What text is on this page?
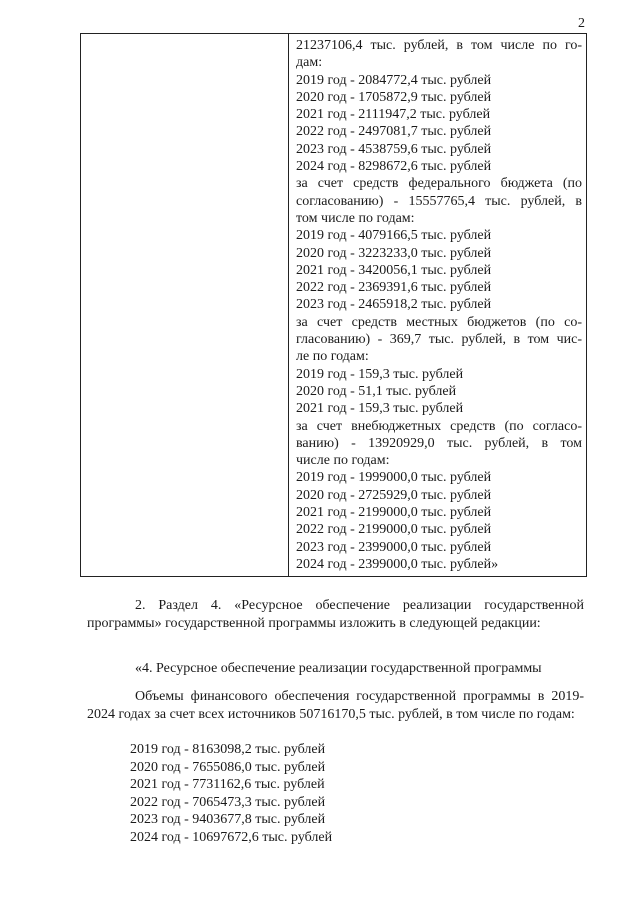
2
21237106,4 тыс. рублей, в том числе по го-
дам:
2019 год - 2084772,4 тыс. рублей
2020 год - 1705872,9 тыс. рублей
2021 год - 2111947,2 тыс. рублей
2022 год - 2497081,7 тыс. рублей
2023 год - 4538759,6 тыс. рублей
2024 год - 8298672,6 тыс. рублей
за счет средств федерального бюджета (по
согласованию) - 15557765,4 тыс. рублей, в
том числе по годам:
2019 год - 4079166,5 тыс. рублей
2020 год - 3223233,0 тыс. рублей
2021 год - 3420056,1 тыс. рублей
2022 год - 2369391,6 тыс. рублей
2023 год - 2465918,2 тыс. рублей
за счет средств местных бюджетов (по со-
гласованию) - 369,7 тыс. рублей, в том чис-
ле по годам:
2019 год - 159,3 тыс. рублей
2020 год - 51,1 тыс. рублей
2021 год - 159,3 тыс. рублей
за счет внебюджетных средств (по согласо-
ванию) - 13920929,0 тыс. рублей, в том
числе по годам:
2019 год - 1999000,0 тыс. рублей
2020 год - 2725929,0 тыс. рублей
2021 год - 2199000,0 тыс. рублей
2022 год - 2199000,0 тыс. рублей
2023 год - 2399000,0 тыс. рублей
2024 год - 2399000,0 тыс. рублей»
2. Раздел 4. «Ресурсное обеспечение реализации государственной программы» государственной программы изложить в следующей редакции:
«4. Ресурсное обеспечение реализации государственной программы
Объемы финансового обеспечения государственной программы в 2019-2024 годах за счет всех источников 50716170,5 тыс. рублей, в том числе по годам:
2019 год - 8163098,2 тыс. рублей
2020 год - 7655086,0 тыс. рублей
2021 год - 7731162,6 тыс. рублей
2022 год - 7065473,3 тыс. рублей
2023 год - 9403677,8 тыс. рублей
2024 год - 10697672,6 тыс. рублей
